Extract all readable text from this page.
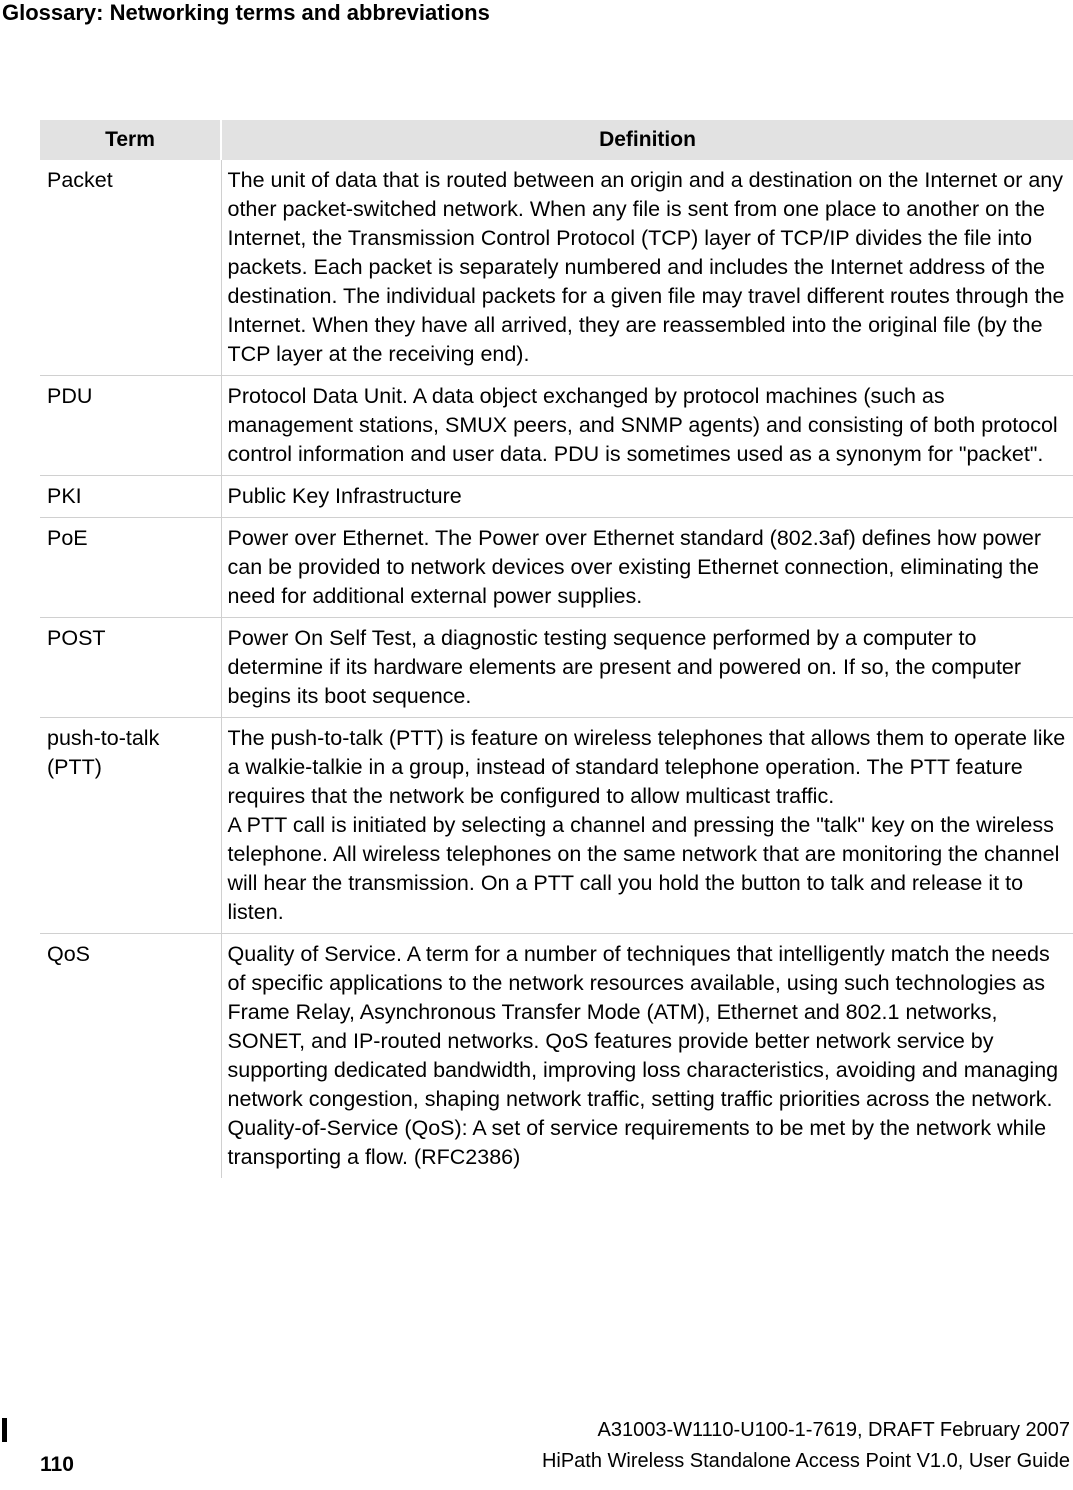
Glossary: Networking terms and abbreviations
Term	Definition
Packet	The unit of data that is routed between an origin and a destination on the Internet or any other packet-switched network. When any file is sent from one place to another on the Internet, the Transmission Control Protocol (TCP) layer of TCP/IP divides the file into packets. Each packet is separately numbered and includes the Internet address of the destination. The individual packets for a given file may travel different routes through the Internet. When they have all arrived, they are reassembled into the original file (by the TCP layer at the receiving end).

PDU	Protocol Data Unit. A data object exchanged by protocol machines (such as management stations, SMUX peers, and SNMP agents) and consisting of both protocol control information and user data. PDU is sometimes used as a synonym for "packet".

PKI	Public Key Infrastructure

PoE	Power over Ethernet. The Power over Ethernet standard (802.3af) defines how power can be provided to network devices over existing Ethernet connection, eliminating the need for additional external power supplies.

POST	Power On Self Test, a diagnostic testing sequence performed by a computer to determine if its hardware elements are present and powered on. If so, the computer begins its boot sequence.

push-to-talk (PTT)	The push-to-talk (PTT) is feature on wireless telephones that allows them to operate like a walkie-talkie in a group, instead of standard telephone operation. The PTT feature requires that the network be configured to allow multicast traffic.
A PTT call is initiated by selecting a channel and pressing the "talk" key on the wireless telephone. All wireless telephones on the same network that are monitoring the channel will hear the transmission. On a PTT call you hold the button to talk and release it to listen.

QoS	Quality of Service. A term for a number of techniques that intelligently match the needs of specific applications to the network resources available, using such technologies as Frame Relay, Asynchronous Transfer Mode (ATM), Ethernet and 802.1 networks, SONET, and IP-routed networks. QoS features provide better network service by supporting dedicated bandwidth, improving loss characteristics, avoiding and managing network congestion, shaping network traffic, setting traffic priorities across the network.
Quality-of-Service (QoS): A set of service requirements to be met by the network while transporting a flow. (RFC2386)
110
A31003-W1110-U100-1-7619, DRAFT February 2007
HiPath Wireless Standalone Access Point V1.0, User Guide
